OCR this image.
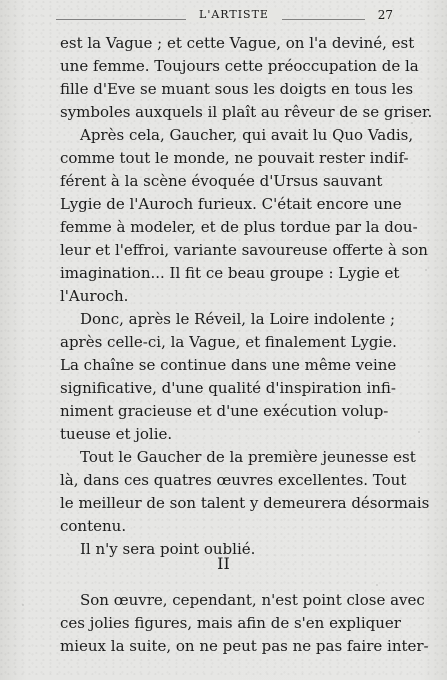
L'ARTISTE	27
est la Vague ; et cette Vague, on l'a deviné, est
une femme. Toujours cette préoccupation de la
fille d'Eve se muant sous les doigts en tous les
symboles auxquels il plaît au rêveur de se griser.
Après cela, Gaucher, qui avait lu Quo Vadis,
comme tout le monde, ne pouvait rester indif-
férent à la scène évoquée d'Ursus sauvant
Lygie de l'Auroch furieux. C'était encore une
femme à modeler, et de plus tordue par la dou-
leur et l'effroi, variante savoureuse offerte à son
imagination... Il fit ce beau groupe : Lygie et
l'Auroch.
Donc, après le Réveil, la Loire indolente ;
après celle-ci, la Vague, et finalement Lygie.
La chaîne se continue dans une même veine
significative, d'une qualité d'inspiration infi-
niment gracieuse et d'une exécution volup-
tueuse et jolie.
Tout le Gaucher de la première jeunesse est
là, dans ces quatres œuvres excellentes. Tout
le meilleur de son talent y demeurera désormais
contenu.
Il n'y sera point oublié.
II
Son œuvre, cependant, n'est point close avec
ces jolies figures, mais afin de s'en expliquer
mieux la suite, on ne peut pas ne pas faire inter-
